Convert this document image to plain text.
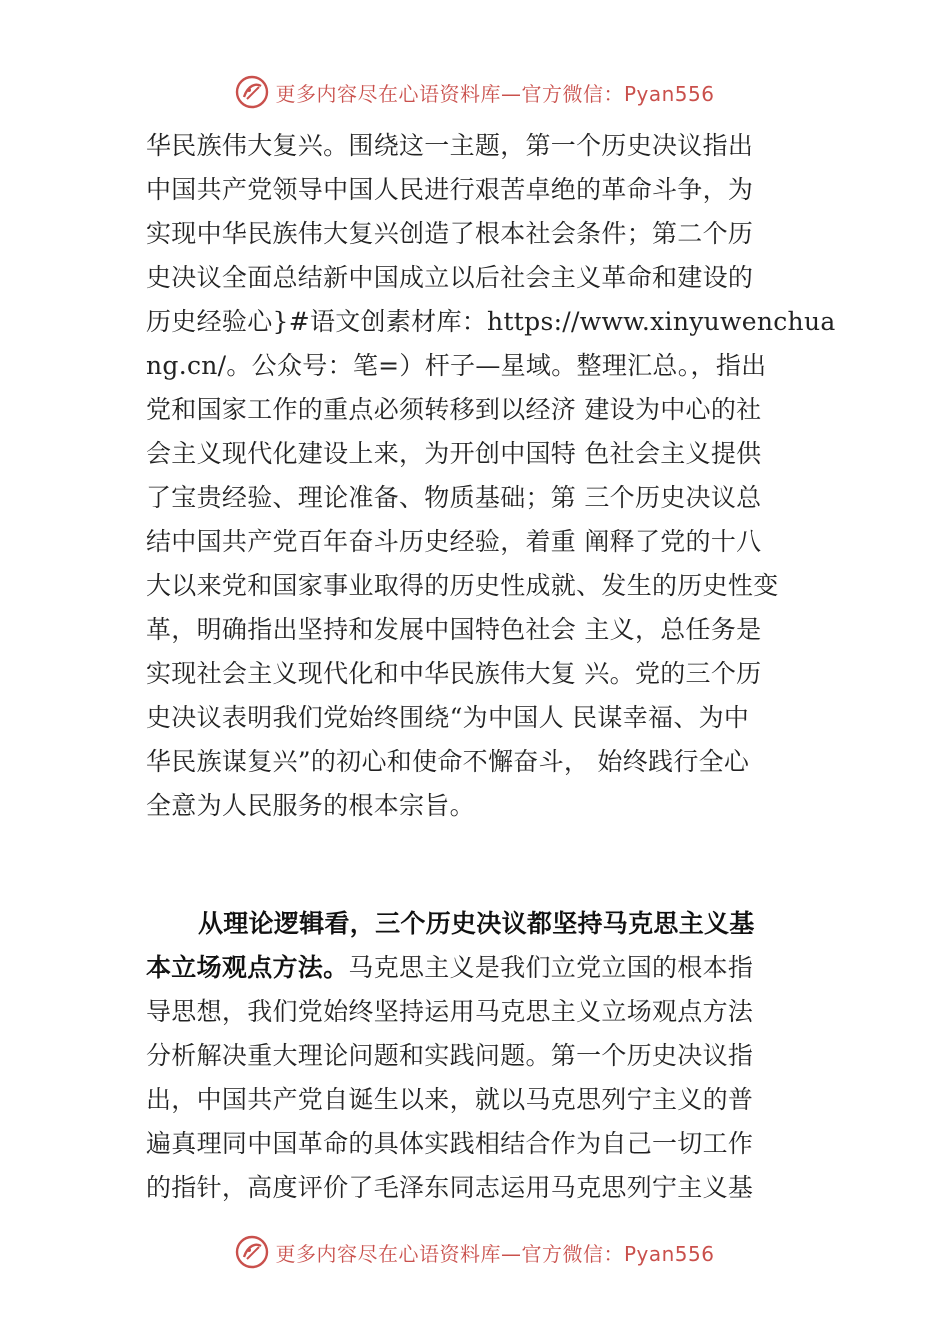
更多内容尽在心语资料库—官方微信：Pyan556
华民族伟大复兴。围绕这一主题，第一个历史决议指出
中国共产党领导中国人民进行艰苦卓绝的革命斗争，为
实现中华民族伟大复兴创造了根本社会条件；第二个历
史决议全面总结新中国成立以后社会主义革命和建设的
历史经验心}#语文创素材库：https://www.xinyuwenchua
ng.cn/。公众号：笔=）杆子—星域。整理汇总。，指出
党和国家工作的重点必须转移到以经济 建设为中心的社
会主义现代化建设上来，为开创中国特 色社会主义提供
了宝贵经验、理论准备、物质基础；第 三个历史决议总
结中国共产党百年奋斗历史经验，着重 阐释了党的十八
大以来党和国家事业取得的历史性成就、发生的历史性变
革，明确指出坚持和发展中国特色社会 主义，总任务是
实现社会主义现代化和中华民族伟大复 兴。党的三个历
史决议表明我们党始终围绕“为中国人 民谋幸福、为中
华民族谋复兴”的初心和使命不懈奋斗， 始终践行全心
全意为人民服务的根本宗旨。
从理论逻辑看，三个历史决议都坚持马克思主义基
本立场观点方法。马克思主义是我们立党立国的根本指
导思想，我们党始终坚持运用马克思主义立场观点方法
分析解决重大理论问题和实践问题。第一个历史决议指
出，中国共产党自诞生以来，就以马克思列宁主义的普
遍真理同中国革命的具体实践相结合作为自己一切工作
的指针，高度评价了毛泽东同志运用马克思列宁主义基
更多内容尽在心语资料库—官方微信：Pyan556
